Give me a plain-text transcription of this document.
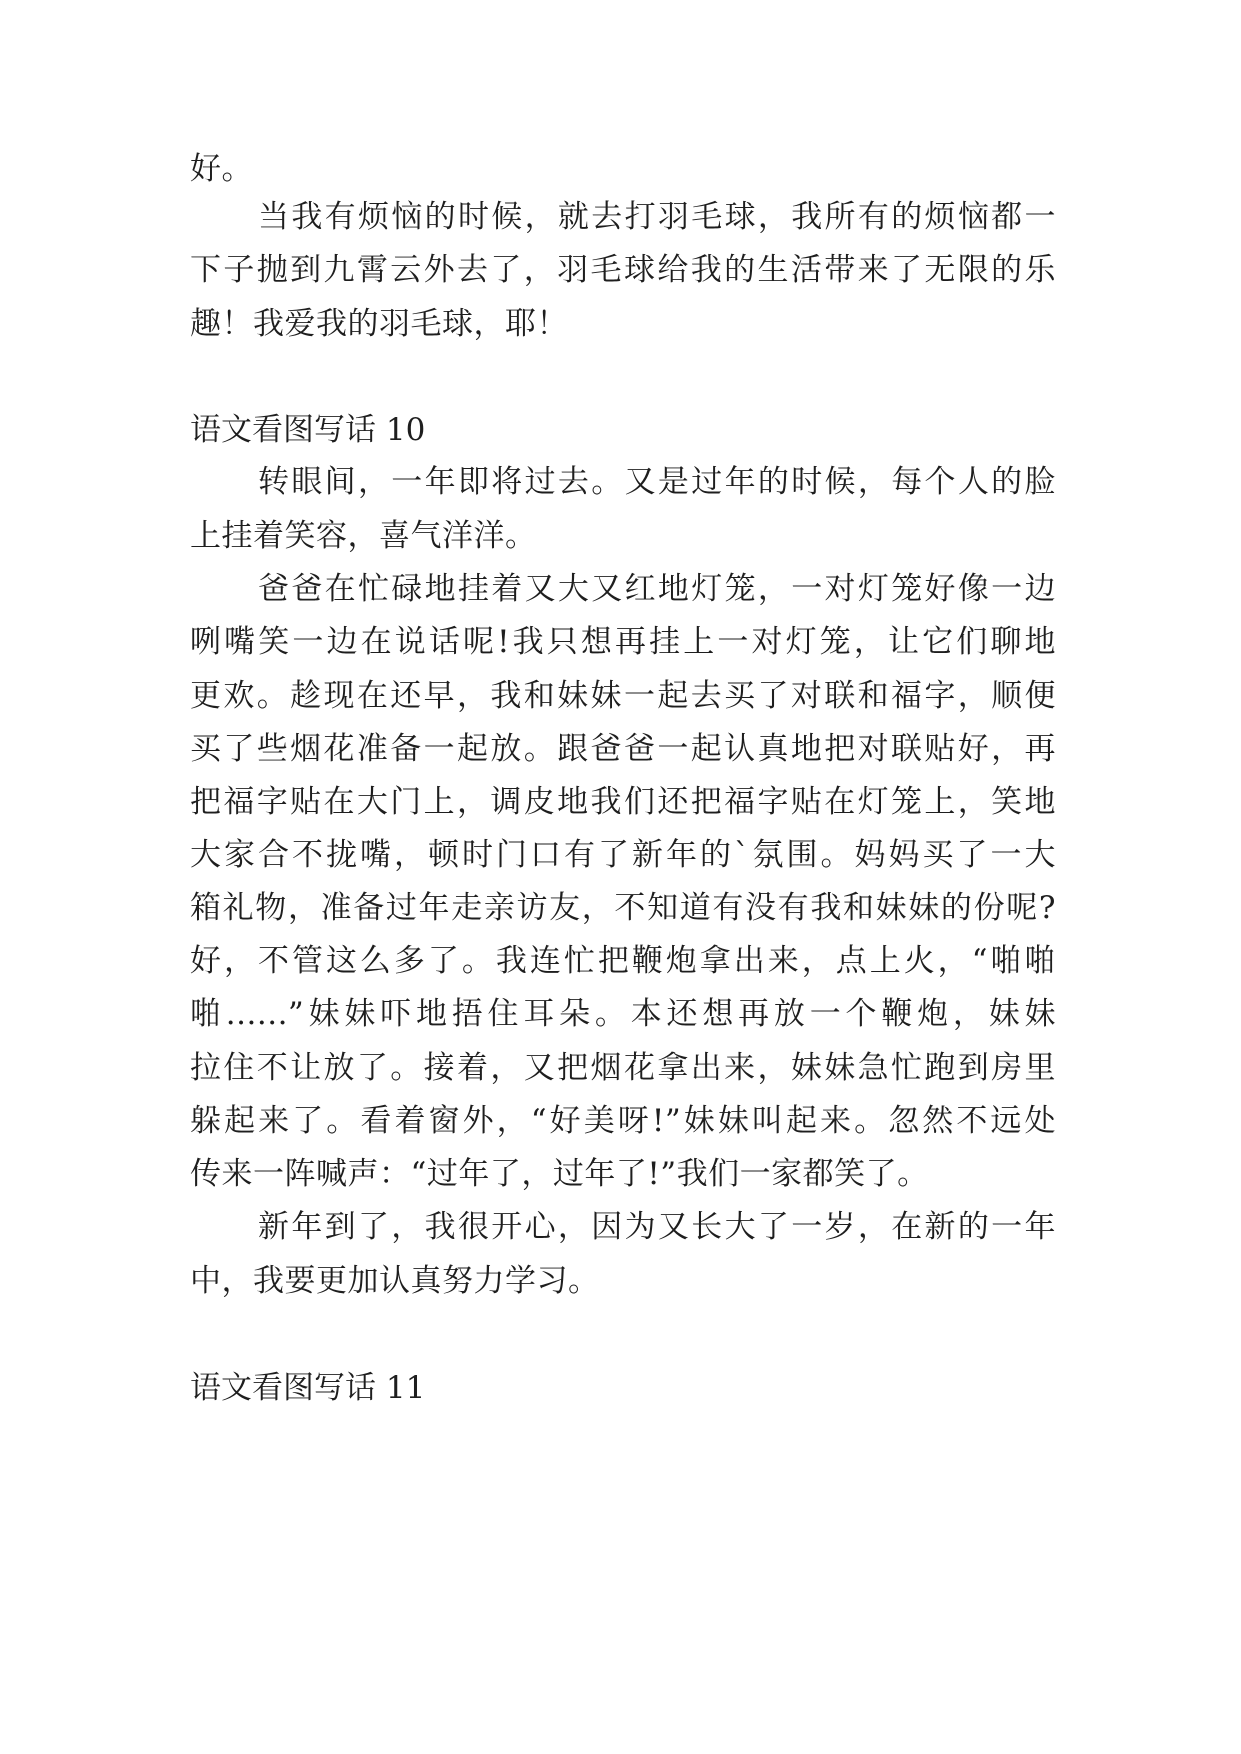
好。
当我有烦恼的时候，就去打羽毛球，我所有的烦恼都一
下子抛到九霄云外去了，羽毛球给我的生活带来了无限的乐
趣！我爱我的羽毛球，耶！
语文看图写话 10
转眼间，一年即将过去。又是过年的时候，每个人的脸
上挂着笑容，喜气洋洋。
爸爸在忙碌地挂着又大又红地灯笼，一对灯笼好像一边
咧嘴笑一边在说话呢!我只想再挂上一对灯笼，让它们聊地
更欢。趁现在还早，我和妹妹一起去买了对联和福字，顺便
买了些烟花准备一起放。跟爸爸一起认真地把对联贴好，再
把福字贴在大门上，调皮地我们还把福字贴在灯笼上，笑地
大家合不拢嘴，顿时门口有了新年的`氛围。妈妈买了一大
箱礼物，准备过年走亲访友，不知道有没有我和妹妹的份呢?
好，不管这么多了。我连忙把鞭炮拿出来，点上火，“啪啪
啪......”妹妹吓地捂住耳朵。本还想再放一个鞭炮，妹妹
拉住不让放了。接着，又把烟花拿出来，妹妹急忙跑到房里
躲起来了。看着窗外，“好美呀!”妹妹叫起来。忽然不远处
传来一阵喊声：“过年了，过年了!”我们一家都笑了。
新年到了，我很开心，因为又长大了一岁，在新的一年
中，我要更加认真努力学习。
语文看图写话 11
